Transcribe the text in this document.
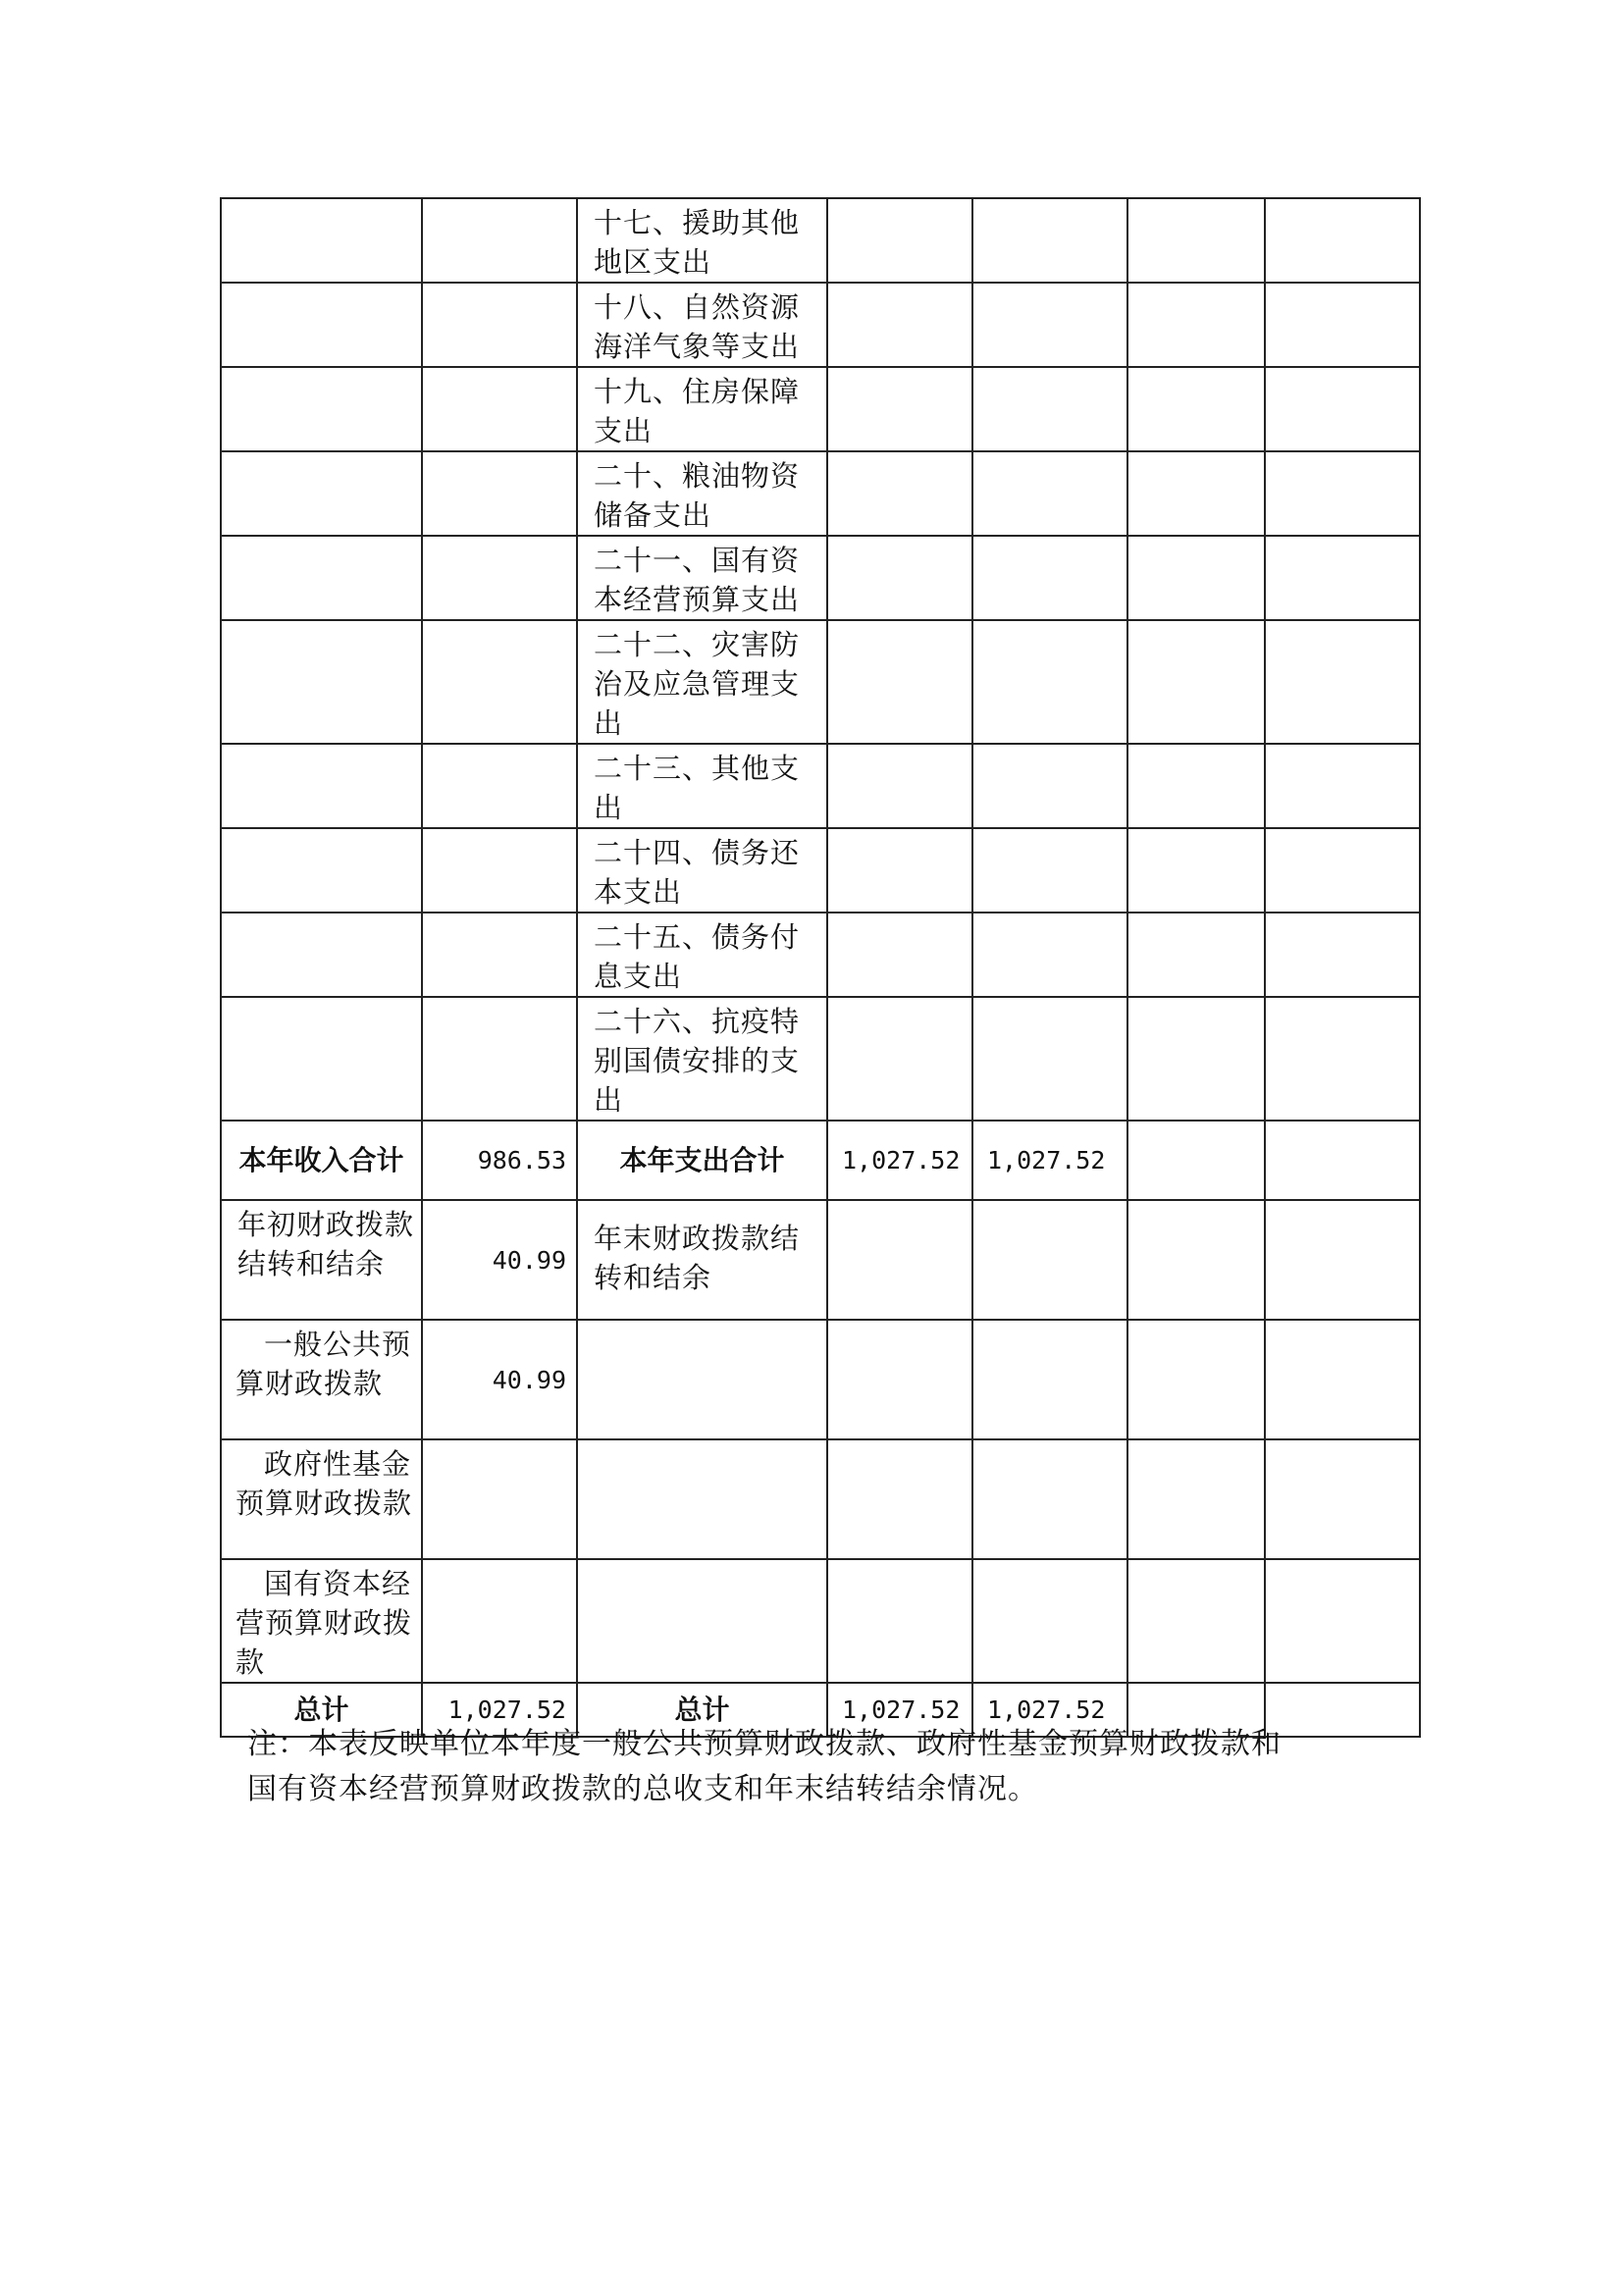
		十七、援助其他地区支出				
		十八、自然资源海洋气象等支出				
		十九、住房保障支出				
		二十、粮油物资储备支出				
		二十一、国有资本经营预算支出				
		二十二、灾害防治及应急管理支出				
		二十三、其他支出				
		二十四、债务还本支出				
		二十五、债务付息支出				
		二十六、抗疫特别国债安排的支出				
本年收入合计	986.53	本年支出合计	1,027.52	1,027.52		
年初财政拨款结转和结余	40.99	年末财政拨款结转和结余				
一般公共预算财政拨款	40.99					
政府性基金预算财政拨款						
国有资本经营预算财政拨款						
总计	1,027.52	总计	1,027.52	1,027.52		

注：本表反映单位本年度一般公共预算财政拨款、政府性基金预算财政拨款和

国有资本经营预算财政拨款的总收支和年末结转结余情况。
